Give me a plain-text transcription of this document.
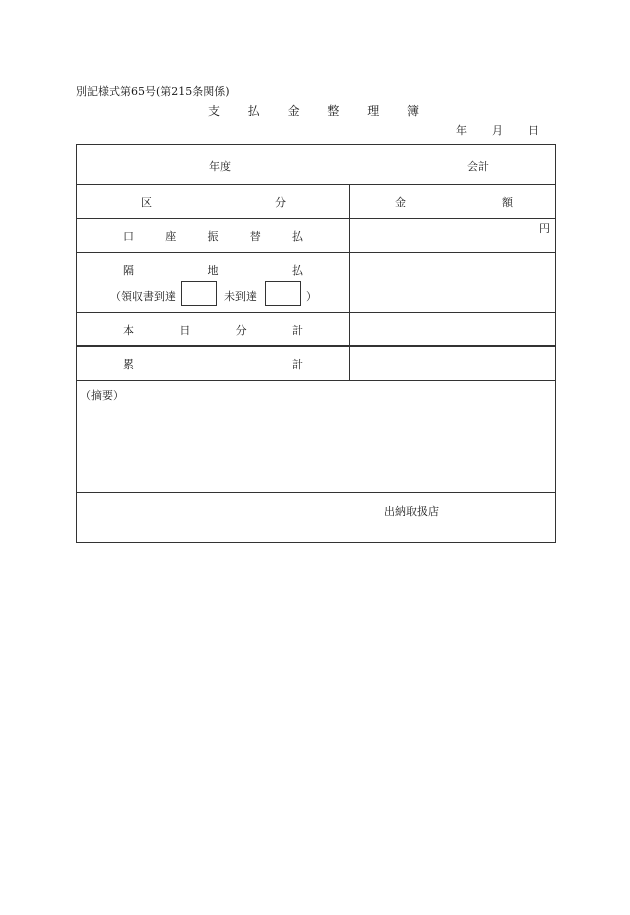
別記様式第65号(第215条関係)
支 払 金 整 理 簿
年 月 日
年度	会計
区 分	金 額
口 座 振 替 払
円
隔 地 払
（領収書到達	未到達	）
本 日 分 計
累 計
（摘要）
出納取扱店
